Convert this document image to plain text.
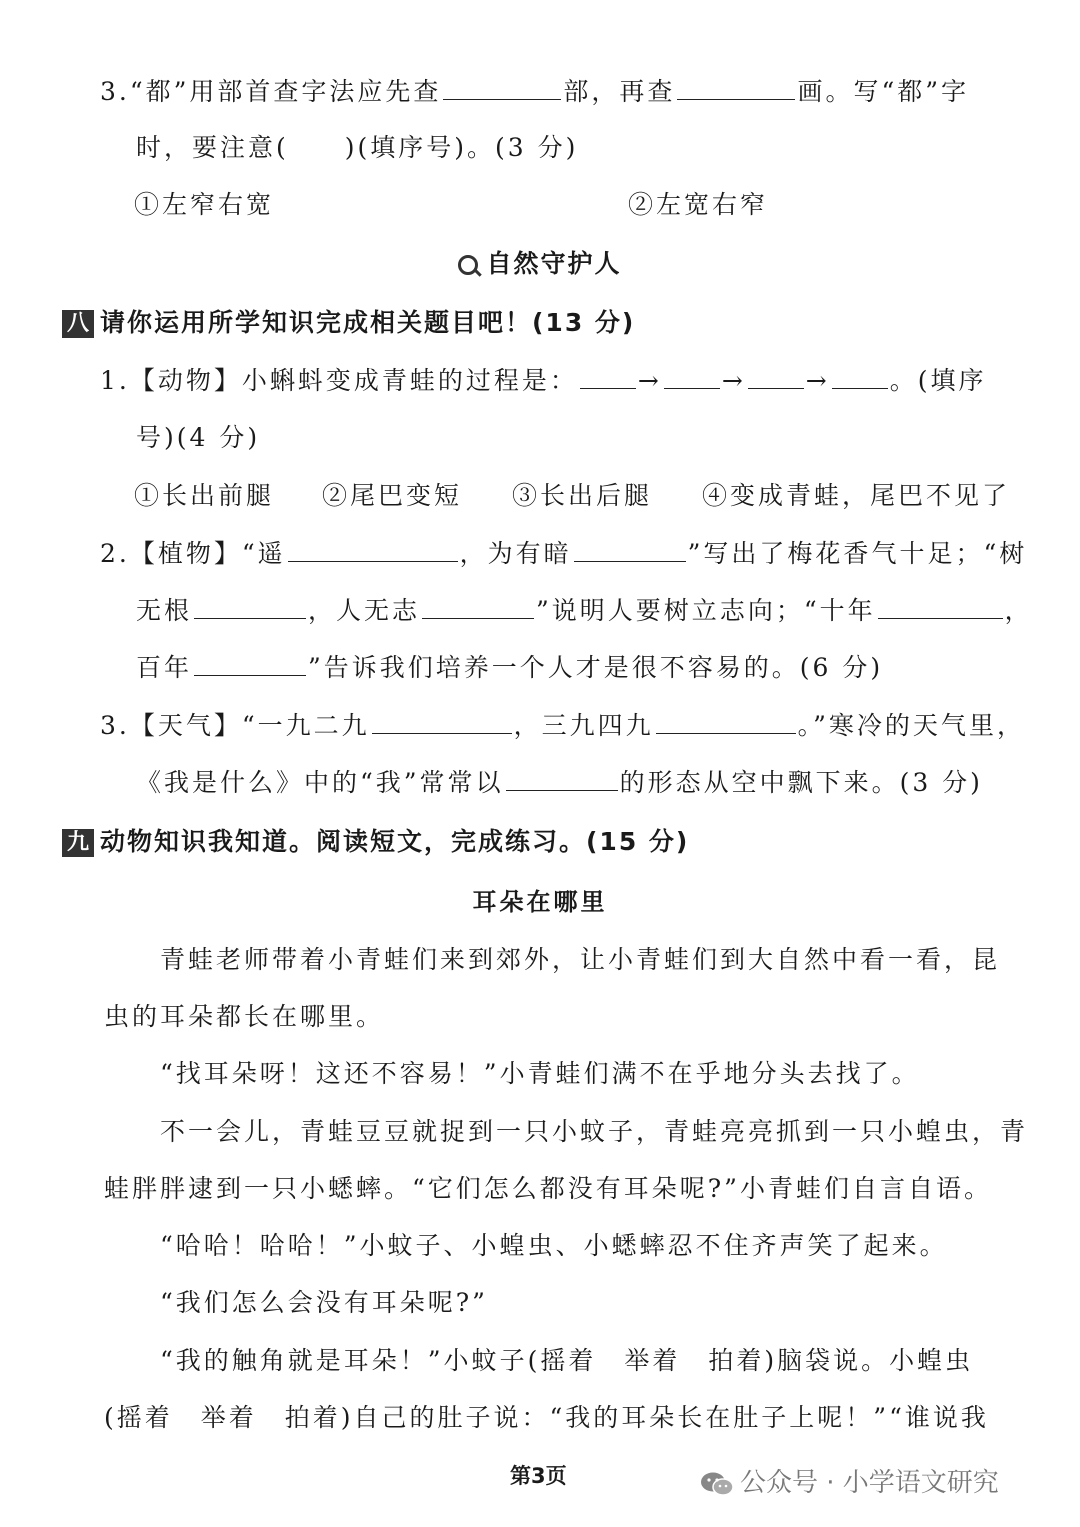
3.“都”用部首查字法应先查	部，再查	画。写“都”字
时，要注意(　　)(填序号)。(3 分)
①左窄右宽	②左宽右窄
自然守护人
八 请你运用所学知识完成相关题目吧！(13 分)
1.【动物】小蝌蚪变成青蛙的过程是： → → → 。(填序
号)(4 分)
①长出前腿 ②尾巴变短 ③长出后腿 ④变成青蛙，尾巴不见了
2.【植物】“遥	，为有暗	”写出了梅花香气十足；“树
无根	，人无志	”说明人要树立志向；“十年	，
百年	”告诉我们培养一个人才是很不容易的。(6 分)
3.【天气】“一九二九	，三九四九	。”寒冷的天气里，
《我是什么》中的“我”常常以	的形态从空中飘下来。(3 分)
九 动物知识我知道。阅读短文，完成练习。(15 分)
耳朵在哪里
青蛙老师带着小青蛙们来到郊外，让小青蛙们到大自然中看一看，昆
虫的耳朵都长在哪里。
“找耳朵呀！这还不容易！”小青蛙们满不在乎地分头去找了。
不一会儿，青蛙豆豆就捉到一只小蚊子，青蛙亮亮抓到一只小蝗虫，青
蛙胖胖逮到一只小蟋蟀。“它们怎么都没有耳朵呢?”小青蛙们自言自语。
“哈哈！哈哈！”小蚊子、小蝗虫、小蟋蟀忍不住齐声笑了起来。
“我们怎么会没有耳朵呢?”
“我的触角就是耳朵！”小蚊子(摇着　举着　拍着)脑袋说。小蝗虫
(摇着　举着　拍着)自己的肚子说：“我的耳朵长在肚子上呢！”“谁说我
第3页	公众号 · 小学语文研究
